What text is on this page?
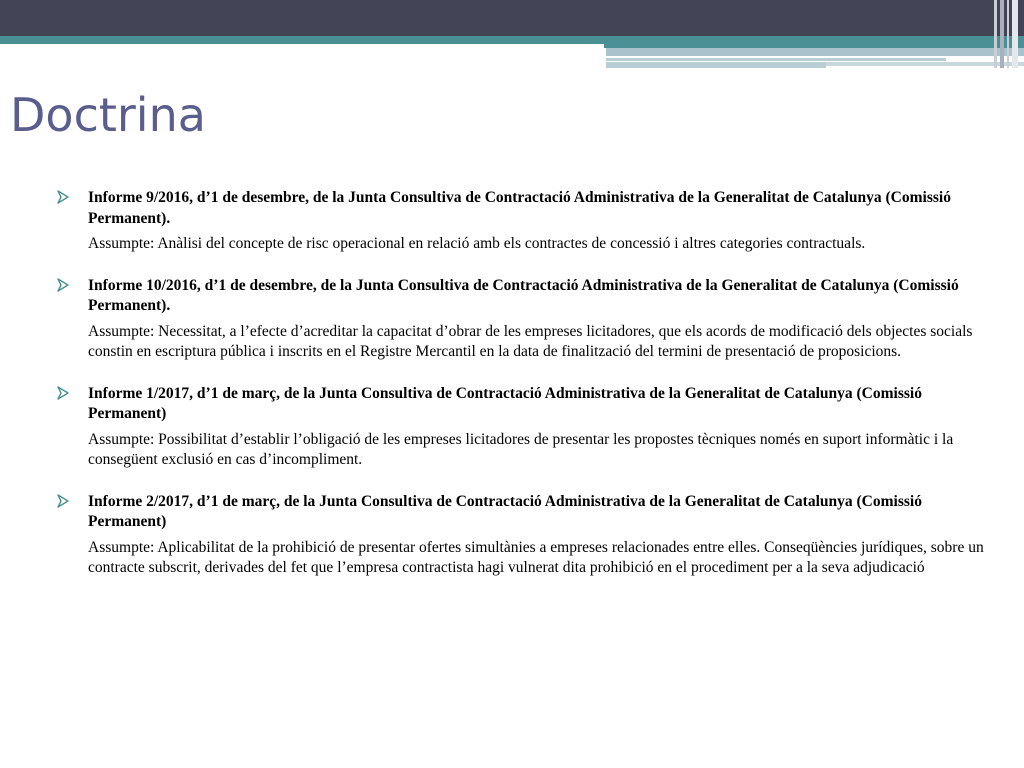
Doctrina

Informe 9/2016, d’1 de desembre, de la Junta Consultiva de Contractació Administrativa de la Generalitat de Catalunya (Comissió Permanent).

Assumpte: Anàlisi del concepte de risc operacional en relació amb els contractes de concessió i altres categories contractuals.

Informe 10/2016, d’1 de desembre, de la Junta Consultiva de Contractació Administrativa de la Generalitat de Catalunya (Comissió Permanent).

Assumpte: Necessitat, a l’efecte d’acreditar la capacitat d’obrar de les empreses licitadores, que els acords de modificació dels objectes socials constin en escriptura pública i inscrits en el Registre Mercantil en la data de finalització del termini de presentació de proposicions.

Informe 1/2017, d’1 de març, de la Junta Consultiva de Contractació Administrativa de la Generalitat de Catalunya (Comissió Permanent)

Assumpte: Possibilitat d’establir l’obligació de les empreses licitadores de presentar les propostes tècniques només en suport informàtic i la consegüent exclusió en cas d’incompliment.

Informe 2/2017, d’1 de març, de la Junta Consultiva de Contractació Administrativa de la Generalitat de Catalunya (Comissió Permanent)

Assumpte: Aplicabilitat de la prohibició de presentar ofertes simultànies a empreses relacionades entre elles. Conseqüències jurídiques, sobre un contracte subscrit, derivades del fet que l’empresa contractista hagi vulnerat dita prohibició en el procediment per a la seva adjudicació
